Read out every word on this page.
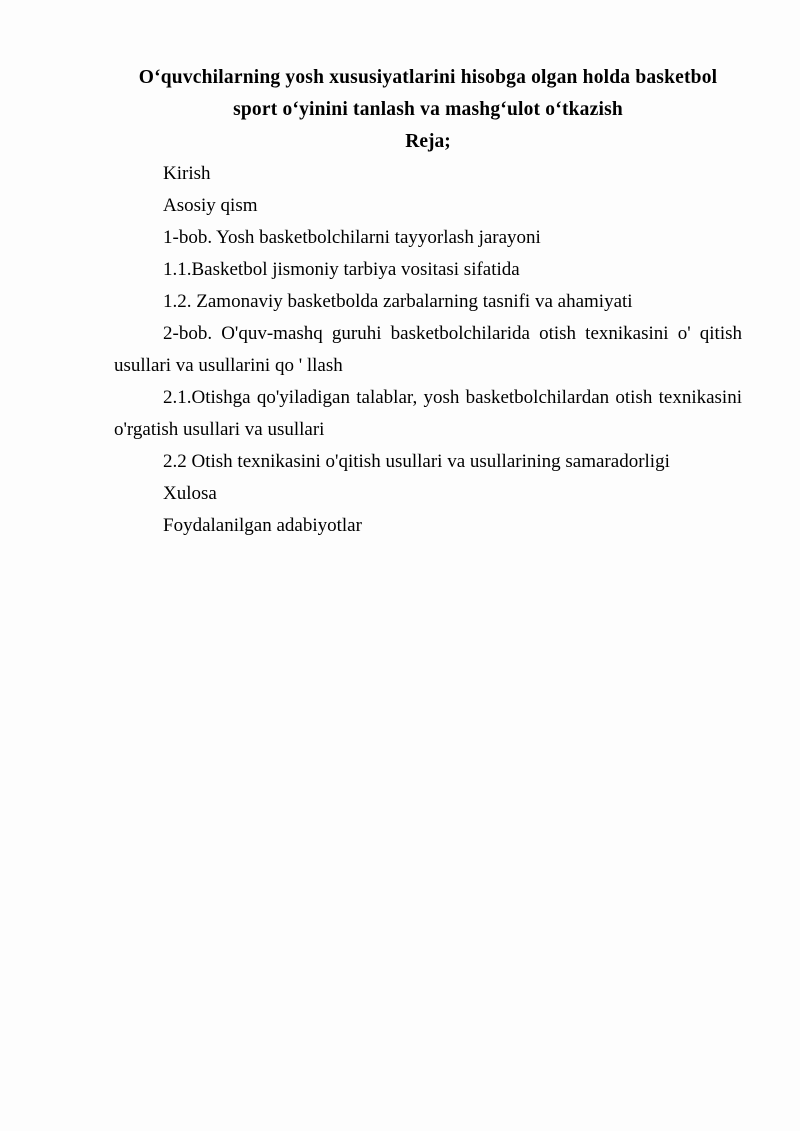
O‘quvchilarning yosh xususiyatlarini hisobga olgan holda basketbol
sport o‘yinini tanlash va mashg‘ulot o‘tkazish
Reja;
Kirish
Asosiy qism
1-bob. Yosh basketbolchilarni tayyorlash jarayoni
1.1.Basketbol jismoniy tarbiya vositasi sifatida
1.2. Zamonaviy basketbolda zarbalarning tasnifi va ahamiyati
2-bob. O'quv-mashq guruhi basketbolchilarida otish texnikasini o' qitish usullari va usullarini qo ' llash
2.1.Otishga qo'yiladigan talablar, yosh basketbolchilardan otish texnikasini o'rgatish usullari va usullari
2.2 Otish texnikasini o'qitish usullari va usullarining samaradorligi
Xulosa
Foydalanilgan adabiyotlar
